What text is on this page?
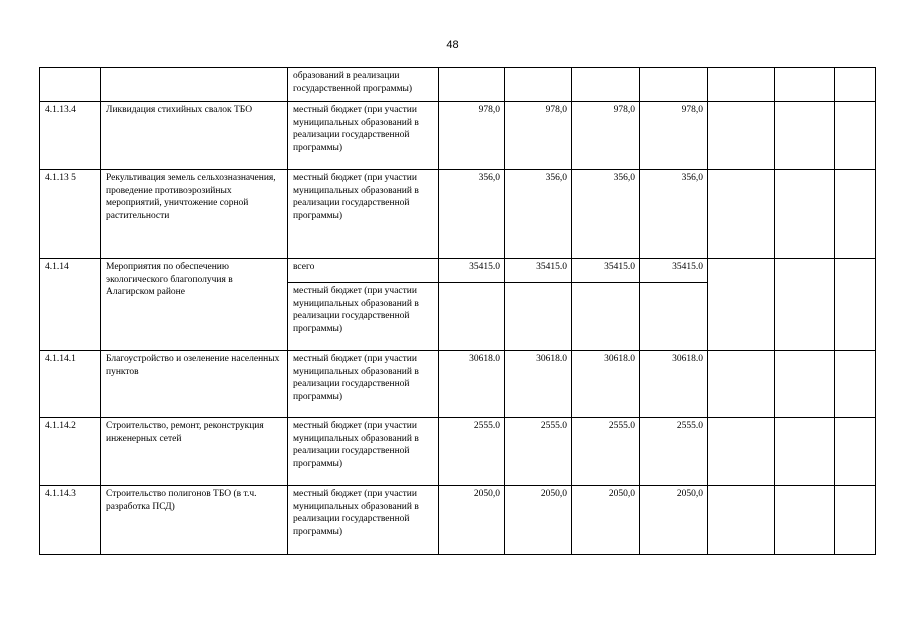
48
		образований в реализации государственной программы)							
4.1.13.4	Ликвидация стихийных свалок ТБО	местный бюджет (при участии муниципальных образований в реализации государственной программы)	978,0	978,0	978,0	978,0			
4.1.13 5	Рекультивация земель сельхозназначения, проведение противоэрозийных мероприятий, уничтожение сорной растительности	местный бюджет (при участии муниципальных образований в реализации государственной программы)	356,0	356,0	356,0	356,0			
4.1.14	Мероприятия по обеспечению экологического благополучия в Алагирском районе	всего	35415.0	35415.0	35415.0	35415.0			
		местный бюджет (при участии муниципальных образований в реализации государственной программы)							
4.1.14.1	Благоустройство и озеленение населенных пунктов	местный бюджет (при участии муниципальных образований в реализации государственной программы)	30618.0	30618.0	30618.0	30618.0			
4.1.14.2	Строительство, ремонт, реконструкция инженерных сетей	местный бюджет (при участии муниципальных образований в реализации государственной программы)	2555.0	2555.0	2555.0	2555.0			
4.1.14.3	Строительство полигонов ТБО (в т.ч. разработка ПСД)	местный бюджет (при участии муниципальных образований в реализации государственной программы)	2050,0	2050,0	2050,0	2050,0			
